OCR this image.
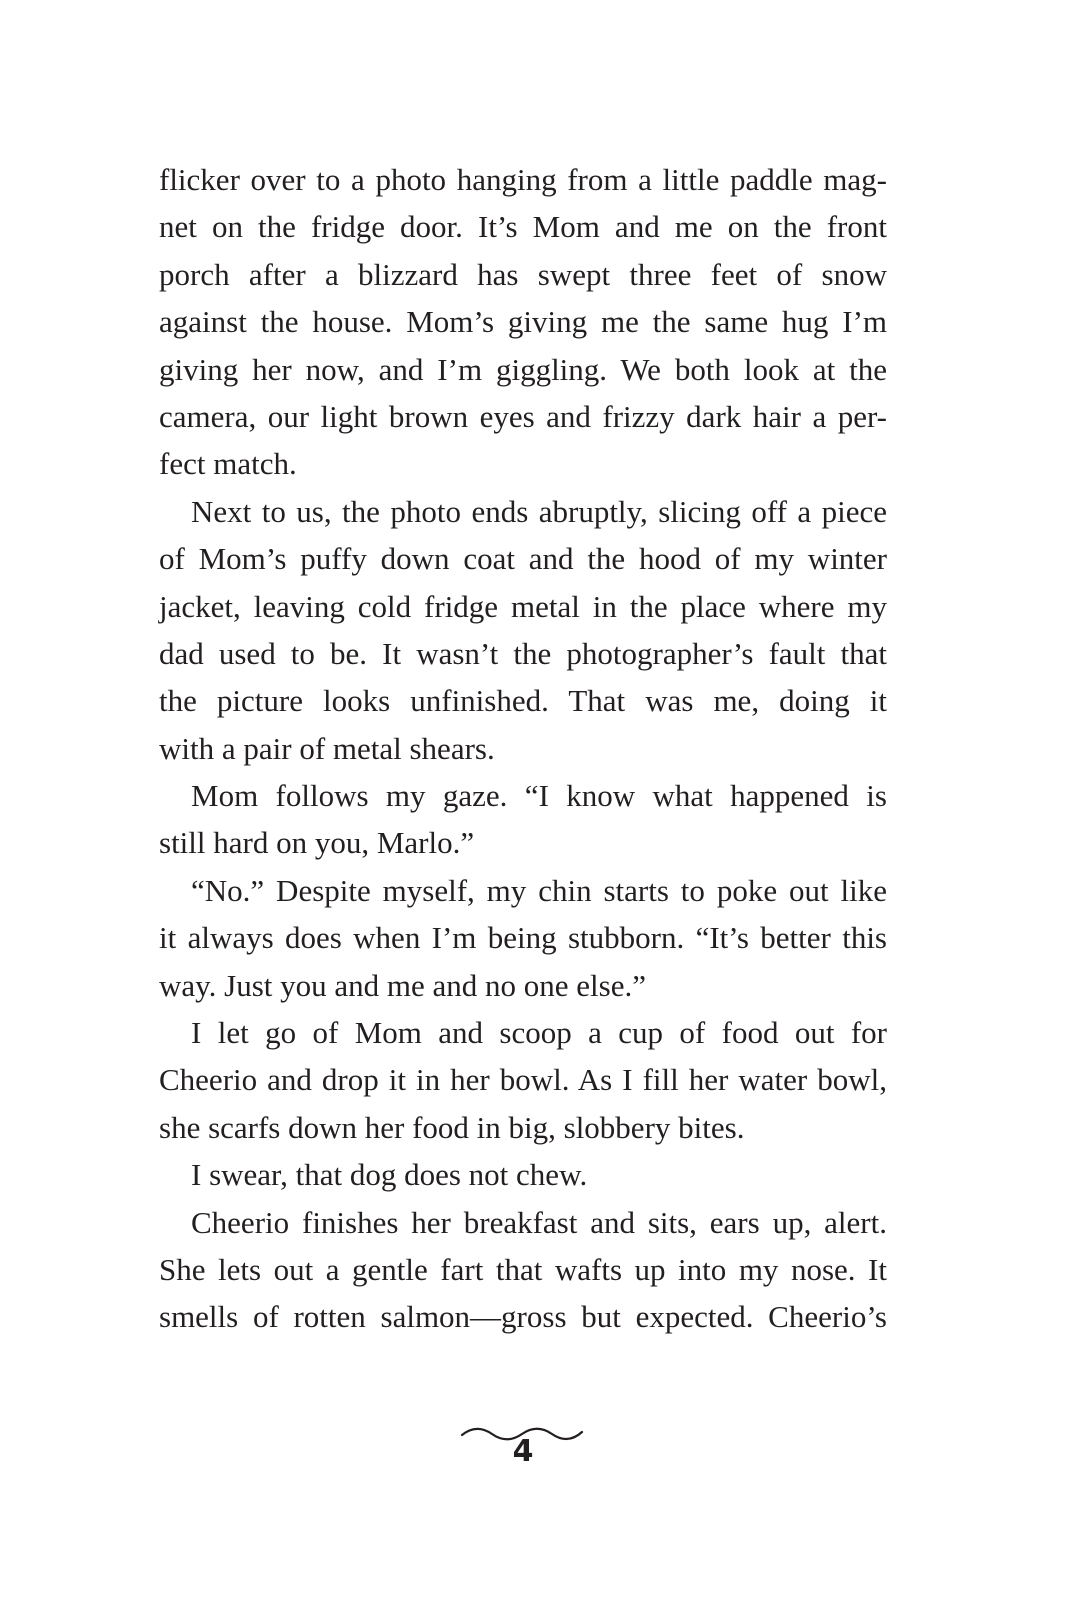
flicker over to a photo hanging from a little paddle mag-
net on the fridge door. It’s Mom and me on the front
porch after a blizzard has swept three feet of snow
against the house. Mom’s giving me the same hug I’m
giving her now, and I’m giggling. We both look at the
camera, our light brown eyes and frizzy dark hair a per-
fect match.
Next to us, the photo ends abruptly, slicing off a piece
of Mom’s puffy down coat and the hood of my winter
jacket, leaving cold fridge metal in the place where my
dad used to be. It wasn’t the photographer’s fault that
the picture looks unfinished. That was me, doing it
with a pair of metal shears.
Mom follows my gaze. “I know what happened is
still hard on you, Marlo.”
“No.” Despite myself, my chin starts to poke out like
it always does when I’m being stubborn. “It’s better this
way. Just you and me and no one else.”
I let go of Mom and scoop a cup of food out for
Cheerio and drop it in her bowl. As I fill her water bowl,
she scarfs down her food in big, slobbery bites.
I swear, that dog does not chew.
Cheerio finishes her breakfast and sits, ears up, alert.
She lets out a gentle fart that wafts up into my nose. It
smells of rotten salmon—gross but expected. Cheerio’s
4
